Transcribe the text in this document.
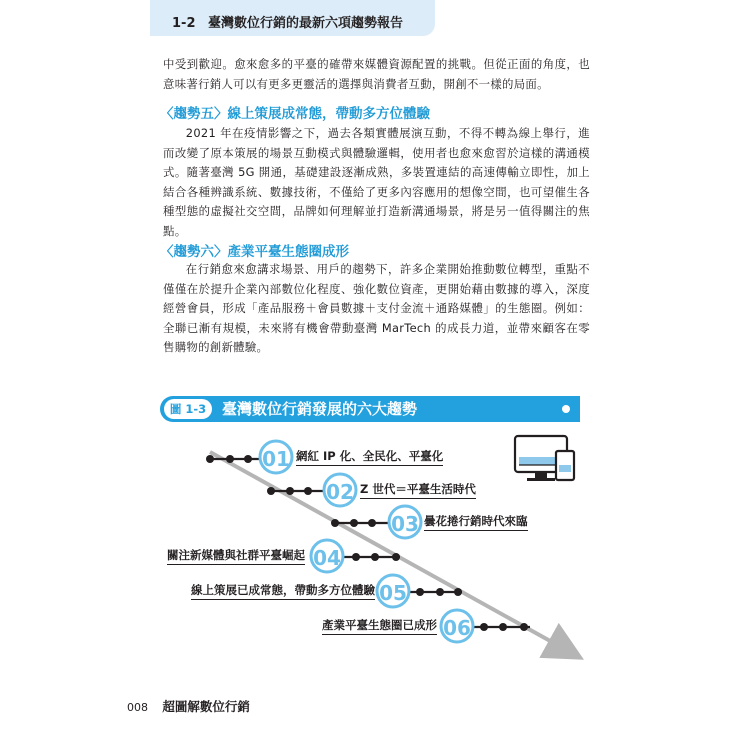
1-2 臺灣數位行銷的最新六項趨勢報告

中受到歡迎。愈來愈多的平臺的確帶來媒體資源配置的挑戰。但從正面的角度，也意味著行銷人可以有更多更靈活的選擇與消費者互動，開創不一樣的局面。

〈趨勢五〉線上策展成常態，帶動多方位體驗

2021 年在疫情影響之下，過去各類實體展演互動，不得不轉為線上舉行，進而改變了原本策展的場景互動模式與體驗邏輯，使用者也愈來愈習於這樣的溝通模式。隨著臺灣 5G 開通，基礎建設逐漸成熟，多裝置連結的高速傳輸立即性，加上結合各種辨識系統、數據技術，不僅給了更多內容應用的想像空間，也可望催生各種型態的虛擬社交空間，品牌如何理解並打造新溝通場景，將是另一值得關注的焦點。

〈趨勢六〉產業平臺生態圈成形

在行銷愈來愈講求場景、用戶的趨勢下，許多企業開始推動數位轉型，重點不僅僅在於提升企業內部數位化程度、強化數位資產，更開始藉由數據的導入，深度經營會員，形成「產品服務＋會員數據＋支付金流＋通路媒體」的生態圈。例如：全聯已漸有規模，未來將有機會帶動臺灣 MarTech 的成長力道，並帶來顧客在零售購物的創新體驗。

圖 1-3	臺灣數位行銷發展的六大趨勢
01
02
03
04
05
06
網紅 IP 化、全民化、平臺化
Z 世代＝平臺生活時代
曇花捲行銷時代來臨
關注新媒體與社群平臺崛起
線上策展已成常態，帶動多方位體驗
產業平臺生態圈已成形
008 超圖解數位行銷
